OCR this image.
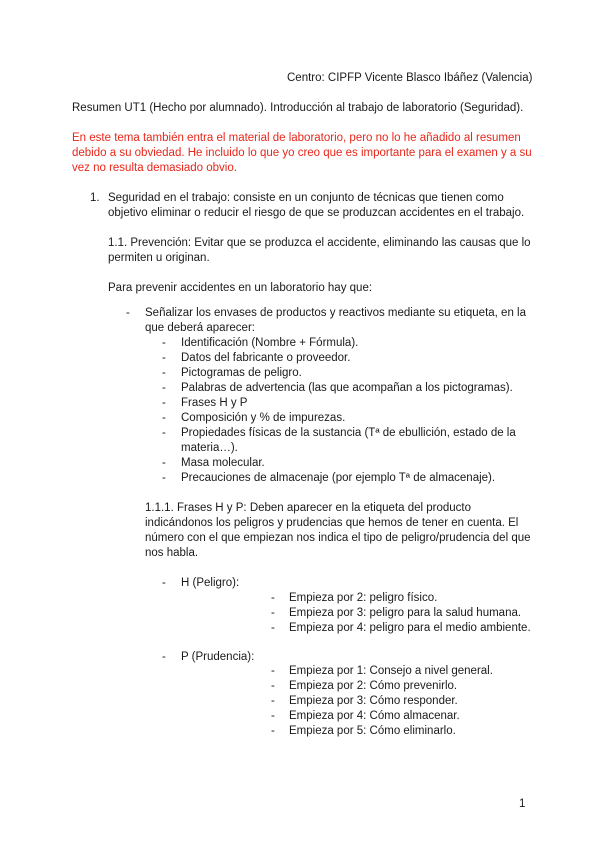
Centro: CIPFP Vicente Blasco Ibáñez (Valencia)
Resumen UT1 (Hecho por alumnado). Introducción al trabajo de laboratorio (Seguridad).
En este tema también entra el material de laboratorio, pero no lo he añadido al resumen
debido a su obviedad. He incluido lo que yo creo que es importante para el examen y a su
vez no resulta demasiado obvio.
1. Seguridad en el trabajo: consiste en un conjunto de técnicas que tienen como
objetivo eliminar o reducir el riesgo de que se produzcan accidentes en el trabajo.
1.1. Prevención: Evitar que se produzca el accidente, eliminando las causas que lo
permiten u originan.
Para prevenir accidentes en un laboratorio hay que:
- Señalizar los envases de productos y reactivos mediante su etiqueta, en la
que deberá aparecer:
- Identificación (Nombre + Fórmula).
- Datos del fabricante o proveedor.
- Pictogramas de peligro.
- Palabras de advertencia (las que acompañan a los pictogramas).
- Frases H y P
- Composición y % de impurezas.
- Propiedades físicas de la sustancia (Tª de ebullición, estado de la
materia…).
- Masa molecular.
- Precauciones de almacenaje (por ejemplo Tª de almacenaje).
1.1.1. Frases H y P: Deben aparecer en la etiqueta del producto
indicándonos los peligros y prudencias que hemos de tener en cuenta. El
número con el que empiezan nos indica el tipo de peligro/prudencia del que
nos habla.
- H (Peligro):
- Empieza por 2: peligro físico.
- Empieza por 3: peligro para la salud humana.
- Empieza por 4: peligro para el medio ambiente.
- P (Prudencia):
- Empieza por 1: Consejo a nivel general.
- Empieza por 2: Cómo prevenirlo.
- Empieza por 3: Cómo responder.
- Empieza por 4: Cómo almacenar.
- Empieza por 5: Cómo eliminarlo.
1
